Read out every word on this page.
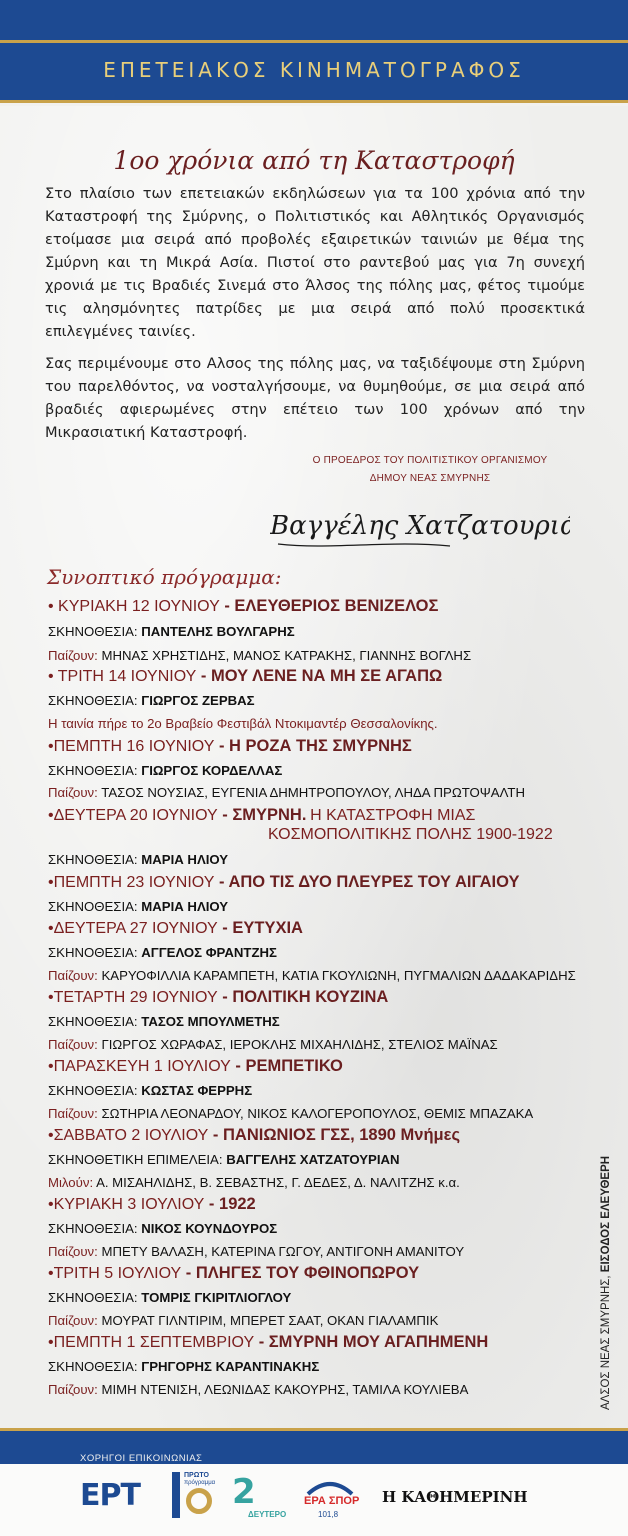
ΕΠΕΤΕΙΑΚΟΣ ΚΙΝΗΜΑΤΟΓΡΑΦΟΣ
1oo χρόνια από τη Καταστροφή
Στο πλαίσιο των επετειακών εκδηλώσεων για τα 100 χρόνια από την Καταστροφή της Σμύρνης, ο Πολιτιστικός και Αθλητικός Οργανισμός ετοίμασε μια σειρά από προβολές εξαιρετικών ταινιών με θέμα της Σμύρνη και τη Μικρά Ασία. Πιστοί στο ραντεβού μας για 7η συνεχή χρονιά με τις Βραδιές Σινεμά στο Άλσος της πόλης μας, φέτος τιμούμε τις αλησμόνητες πατρίδες με μια σειρά από πολύ προσεκτικά επιλεγμένες ταινίες.
Σας περιμένουμε στο Αλσος της πόλης μας, να ταξιδέψουμε στη Σμύρνη του παρελθόντος, να νοσταλγήσουμε, να θυμηθούμε, σε μια σειρά από βραδιές αφιερωμένες στην επέτειο των 100 χρόνων από την Μικρασιατική Καταστροφή.
Ο ΠΡΟΕΔΡΟΣ ΤΟΥ ΠΟΛΙΤΙΣΤΙΚΟΥ ΟΡΓΑΝΙΣΜΟΥ
ΔΗΜΟΥ ΝΕΑΣ ΣΜΥΡΝΗΣ
Βαγγέλης Χατζατουριάν
Συνοπτικό πρόγραμμα:
• ΚΥΡΙΑΚΗ 12 ΙΟΥΝΙΟΥ - ΕΛΕΥΘΕΡΙΟΣ ΒΕΝΙΖΕΛΟΣ
ΣΚΗΝΟΘΕΣΙΑ: ΠΑΝΤΕΛΗΣ ΒΟΥΛΓΑΡΗΣ
Παίζουν: ΜΗΝΑΣ ΧΡΗΣΤΙΔΗΣ, ΜΑΝΟΣ ΚΑΤΡΑΚΗΣ, ΓΙΑΝΝΗΣ ΒΟΓΛΗΣ
• ΤΡΙΤΗ 14 ΙΟΥΝΙΟΥ - ΜΟΥ ΛΕΝΕ ΝΑ ΜΗ ΣΕ ΑΓΑΠΩ
ΣΚΗΝΟΘΕΣΙΑ: ΓΙΩΡΓΟΣ ΖΕΡΒΑΣ
Η ταινία πήρε το 2ο Βραβείο Φεστιβάλ Ντοκιμαντέρ Θεσσαλονίκης.
•ΠΕΜΠΤΗ 16 ΙΟΥΝΙΟΥ - Η ΡΟΖΑ ΤΗΣ ΣΜΥΡΝΗΣ
ΣΚΗΝΟΘΕΣΙΑ: ΓΙΩΡΓΟΣ ΚΟΡΔΕΛΛΑΣ
Παίζουν: ΤΑΣΟΣ ΝΟΥΣΙΑΣ, ΕΥΓΕΝΙΑ ΔΗΜΗΤΡΟΠΟΥΛΟΥ, ΛΗΔΑ ΠΡΩΤΟΨΑΛΤΗ
•ΔΕΥΤΕΡΑ 20 ΙΟΥΝΙΟΥ - ΣΜΥΡΝΗ. Η ΚΑΤΑΣΤΡΟΦΗ ΜΙΑΣ
ΚΟΣΜΟΠΟΛΙΤΙΚΗΣ ΠΟΛΗΣ 1900-1922
ΣΚΗΝΟΘΕΣΙΑ: ΜΑΡΙΑ ΗΛΙΟΥ
•ΠΕΜΠΤΗ 23 ΙΟΥΝΙΟΥ - ΑΠΟ ΤΙΣ ΔΥΟ ΠΛΕΥΡΕΣ ΤΟΥ ΑΙΓΑΙΟΥ
ΣΚΗΝΟΘΕΣΙΑ: ΜΑΡΙΑ ΗΛΙΟΥ
•ΔΕΥΤΕΡΑ 27 ΙΟΥΝΙΟΥ - ΕΥΤΥΧΙΑ
ΣΚΗΝΟΘΕΣΙΑ: ΑΓΓΕΛΟΣ ΦΡΑΝΤΖΗΣ
Παίζουν: ΚΑΡΥΟΦΙΛΛΙΑ ΚΑΡΑΜΠΕΤΗ, ΚΑΤΙΑ ΓΚΟΥΛΙΩΝΗ, ΠΥΓΜΑΛΙΩΝ ΔΑΔΑΚΑΡΙΔΗΣ
•ΤΕΤΑΡΤΗ 29 ΙΟΥΝΙΟΥ - ΠΟΛΙΤΙΚΗ ΚΟΥΖΙΝΑ
ΣΚΗΝΟΘΕΣΙΑ: ΤΑΣΟΣ ΜΠΟΥΛΜΕΤΗΣ
Παίζουν: ΓΙΩΡΓΟΣ ΧΩΡΑΦΑΣ, ΙΕΡΟΚΛΗΣ ΜΙΧΑΗΛΙΔΗΣ, ΣΤΕΛΙΟΣ ΜΑΪΝΑΣ
•ΠΑΡΑΣΚΕΥΗ 1 ΙΟΥΛΙΟΥ - ΡΕΜΠΕΤΙΚΟ
ΣΚΗΝΟΘΕΣΙΑ: ΚΩΣΤΑΣ ΦΕΡΡΗΣ
Παίζουν: ΣΩΤΗΡΙΑ ΛΕΟΝΑΡΔΟΥ, ΝΙΚΟΣ ΚΑΛΟΓΕΡΟΠΟΥΛΟΣ, ΘΕΜΙΣ ΜΠΑΖΑΚΑ
•ΣΑΒΒΑΤΟ 2 ΙΟΥΛΙΟΥ - ΠΑΝΙΩΝΙΟΣ ΓΣΣ, 1890 Μνήμες
ΣΚΗΝΟΘΕΤΙΚΗ ΕΠΙΜΕΛΕΙΑ: ΒΑΓΓΕΛΗΣ ΧΑΤΖΑΤΟΥΡΙΑΝ
Μιλούν: Α. ΜΙΣΑΗΛΙΔΗΣ, Β. ΣΕΒΑΣΤΗΣ, Γ. ΔΕΔΕΣ, Δ. ΝΑΛΙΤΖΗΣ κ.α.
•ΚΥΡΙΑΚΗ 3 ΙΟΥΛΙΟΥ - 1922
ΣΚΗΝΟΘΕΣΙΑ: ΝΙΚΟΣ ΚΟΥΝΔΟΥΡΟΣ
Παίζουν: ΜΠΕΤΥ ΒΑΛΑΣΗ, ΚΑΤΕΡΙΝΑ ΓΩΓΟΥ, ΑΝΤΙΓΟΝΗ ΑΜΑΝΙΤΟΥ
•ΤΡΙΤΗ 5 ΙΟΥΛΙΟΥ - ΠΛΗΓΕΣ ΤΟΥ ΦΘΙΝΟΠΩΡΟΥ
ΣΚΗΝΟΘΕΣΙΑ: ΤΟΜΡΙΣ ΓΚΙΡΙΤΛΙΟΓΛΟΥ
Παίζουν: ΜΟΥΡΑΤ ΓΙΛΝΤΙΡΙΜ, ΜΠΕΡΕΤ ΣΑΑΤ, ΟΚΑΝ ΓΙΑΛΑΜΠΙΚ
•ΠΕΜΠΤΗ 1 ΣΕΠΤΕΜΒΡΙΟΥ - ΣΜΥΡΝΗ ΜΟΥ ΑΓΑΠΗΜΕΝΗ
ΣΚΗΝΟΘΕΣΙΑ: ΓΡΗΓΟΡΗΣ ΚΑΡΑΝΤΙΝΑΚΗΣ
Παίζουν: ΜΙΜΗ ΝΤΕΝΙΣΗ, ΛΕΩΝΙΔΑΣ ΚΑΚΟΥΡΗΣ, ΤΑΜΙΛΑ ΚΟΥΛΙΕΒΑ	ΑΛΣΟΣ ΝΕΑΣ ΣΜΥΡΝΗΣ, ΕΙΣΟΔΟΣ ΕΛΕΥΘΕΡΗ
ΧΟΡΗΓΟΙ ΕΠΙΚΟΙΝΩΝΙΑΣ
ΕΡΤ
ΠΡΩΤΟ
πρόγραμμα 2
ΔΕΥΤΕΡΟ
ΕΡΑ ΣΠΟΡ
101,8
Η ΚΑΘΗΜΕΡΙΝΗ
